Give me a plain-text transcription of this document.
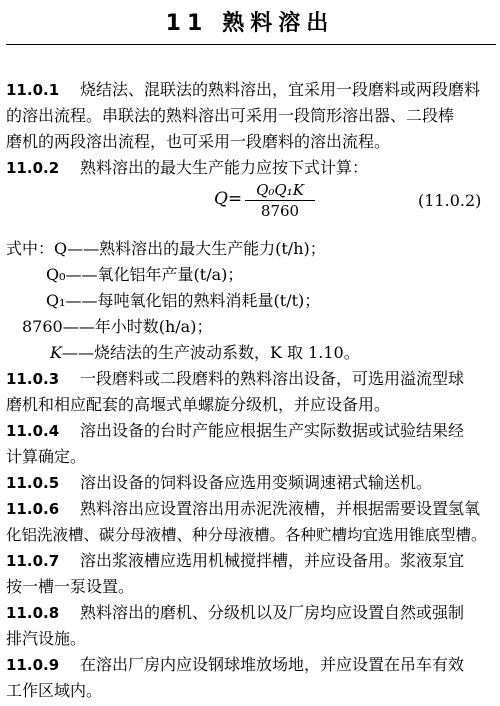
11 熟料溶出
11.0.1 烧结法、混联法的熟料溶出，宜采用一段磨料或两段磨料
的溶出流程。串联法的熟料溶出可采用一段筒形溶出器、二段棒
磨机的两段溶出流程，也可采用一段磨料的溶出流程。
11.0.2 熟料溶出的最大生产能力应按下式计算：
$Q= \frac{\text{Q₀Q₁K}}{8760}$	(11.0.2)
式中：Q——熟料溶出的最大生产能力(t/h)；
Q₀——氧化铝年产量(t/a)；
Q₁——每吨氧化铝的熟料消耗量(t/t)；
8760——年小时数(h/a)；
K——烧结法的生产波动系数，K 取 1.10。
11.0.3 一段磨料或二段磨料的熟料溶出设备，可选用溢流型球
磨机和相应配套的高堰式单螺旋分级机，并应设备用。
11.0.4 溶出设备的台时产能应根据生产实际数据或试验结果经
计算确定。
11.0.5 溶出设备的饲料设备应选用变频调速裙式输送机。
11.0.6 熟料溶出应设置溶出用赤泥洗液槽，并根据需要设置氢氧
化铝洗液槽、碳分母液槽、种分母液槽。各种贮槽均宜选用锥底型槽。
11.0.7 溶出浆液槽应选用机械搅拌槽，并应设备用。浆液泵宜
按一槽一泵设置。
11.0.8 熟料溶出的磨机、分级机以及厂房均应设置自然或强制
排汽设施。
11.0.9 在溶出厂房内应设钢球堆放场地，并应设置在吊车有效
工作区域内。
